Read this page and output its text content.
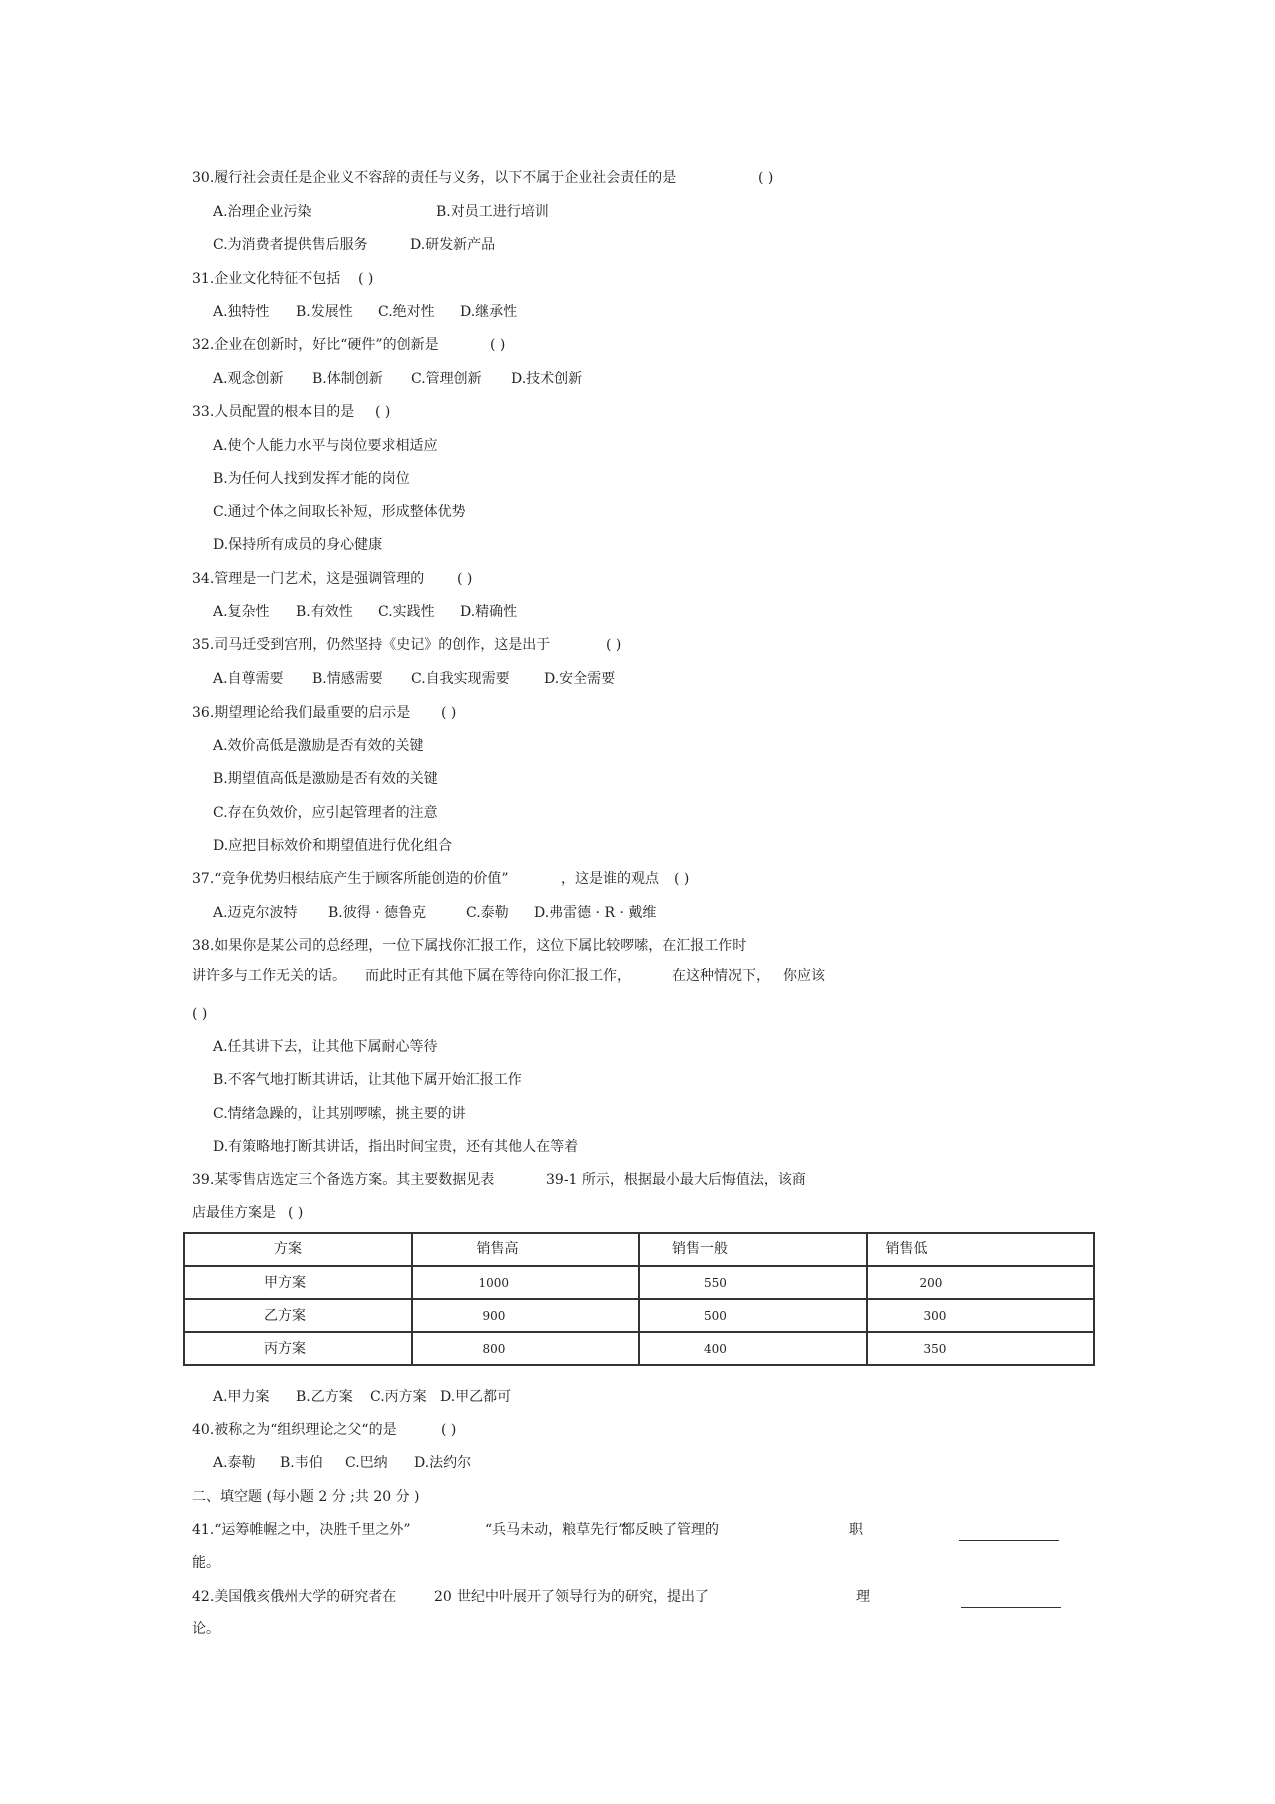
30.履行社会责任是企业义不容辞的责任与义务，以下不属于企业社会责任的是	( )
A.治理企业污染	B.对员工进行培训
C.为消费者提供售后服务	D.研发新产品
31.企业文化特征不包括 ( )
A.独特性 B.发展性 C.绝对性 D.继承性
32.企业在创新时，好比“硬件”的创新是	( )
A.观念创新 B.体制创新 C.管理创新 D.技术创新
33.人员配置的根本目的是 ( )
A.使个人能力水平与岗位要求相适应
B.为任何人找到发挥才能的岗位
C.通过个体之间取长补短，形成整体优势
D.保持所有成员的身心健康
34.管理是一门艺术，这是强调管理的 ( )
A.复杂性 B.有效性 C.实践性 D.精确性
35.司马迁受到宫刑，仍然坚持《史记》的创作，这是出于	( )
A.自尊需要 B.情感需要 C.自我实现需要 D.安全需要
36.期望理论给我们最重要的启示是 ( )
A.效价高低是激励是否有效的关键
B.期望值高低是激励是否有效的关键
C.存在负效价，应引起管理者的注意
D.应把目标效价和期望值进行优化组合
37.“竞争优势归根结底产生于顾客所能创造的价值”	，这是谁的观点 ( )
A.迈克尔波特 B.彼得 · 德鲁克	C.泰勒 D.弗雷德 · R · 戴维
38.如果你是某公司的总经理，一位下属找你汇报工作，这位下属比较啰嗦，在汇报工作时
讲许多与工作无关的话。 而此时正有其他下属在等待向你汇报工作，	在这种情况下， 你应该
( )
A.任其讲下去，让其他下属耐心等待
B.不客气地打断其讲话，让其他下属开始汇报工作
C.情绪急躁的，让其别啰嗦，挑主要的讲
D.有策略地打断其讲话，指出时间宝贵，还有其他人在等着
39.某零售店选定三个备选方案。其主要数据见表	39-1 所示，根据最小最大后悔值法，该商
店最佳方案是 ( )
方案	销售高	销售一般	销售低

甲方案	1000	550	200

乙方案	900	500	300

丙方案	800	400	350
A.甲力案 B.乙方案 C.丙方案 D.甲乙都可
40.被称之为“组织理论之父“的是	( )
A.泰勒 B.韦伯 C.巴纳 D.法约尔
二、填空题 (每小题 2 分 ;共 20 分 )
41.“运筹帷幄之中，决胜千里之外”	“兵马未动，粮草先行”
都反映了管理的	职
能。
42.美国俄亥俄州大学的研究者在	20 世纪中叶展开了领导行为的研究，提出了	理
论。
